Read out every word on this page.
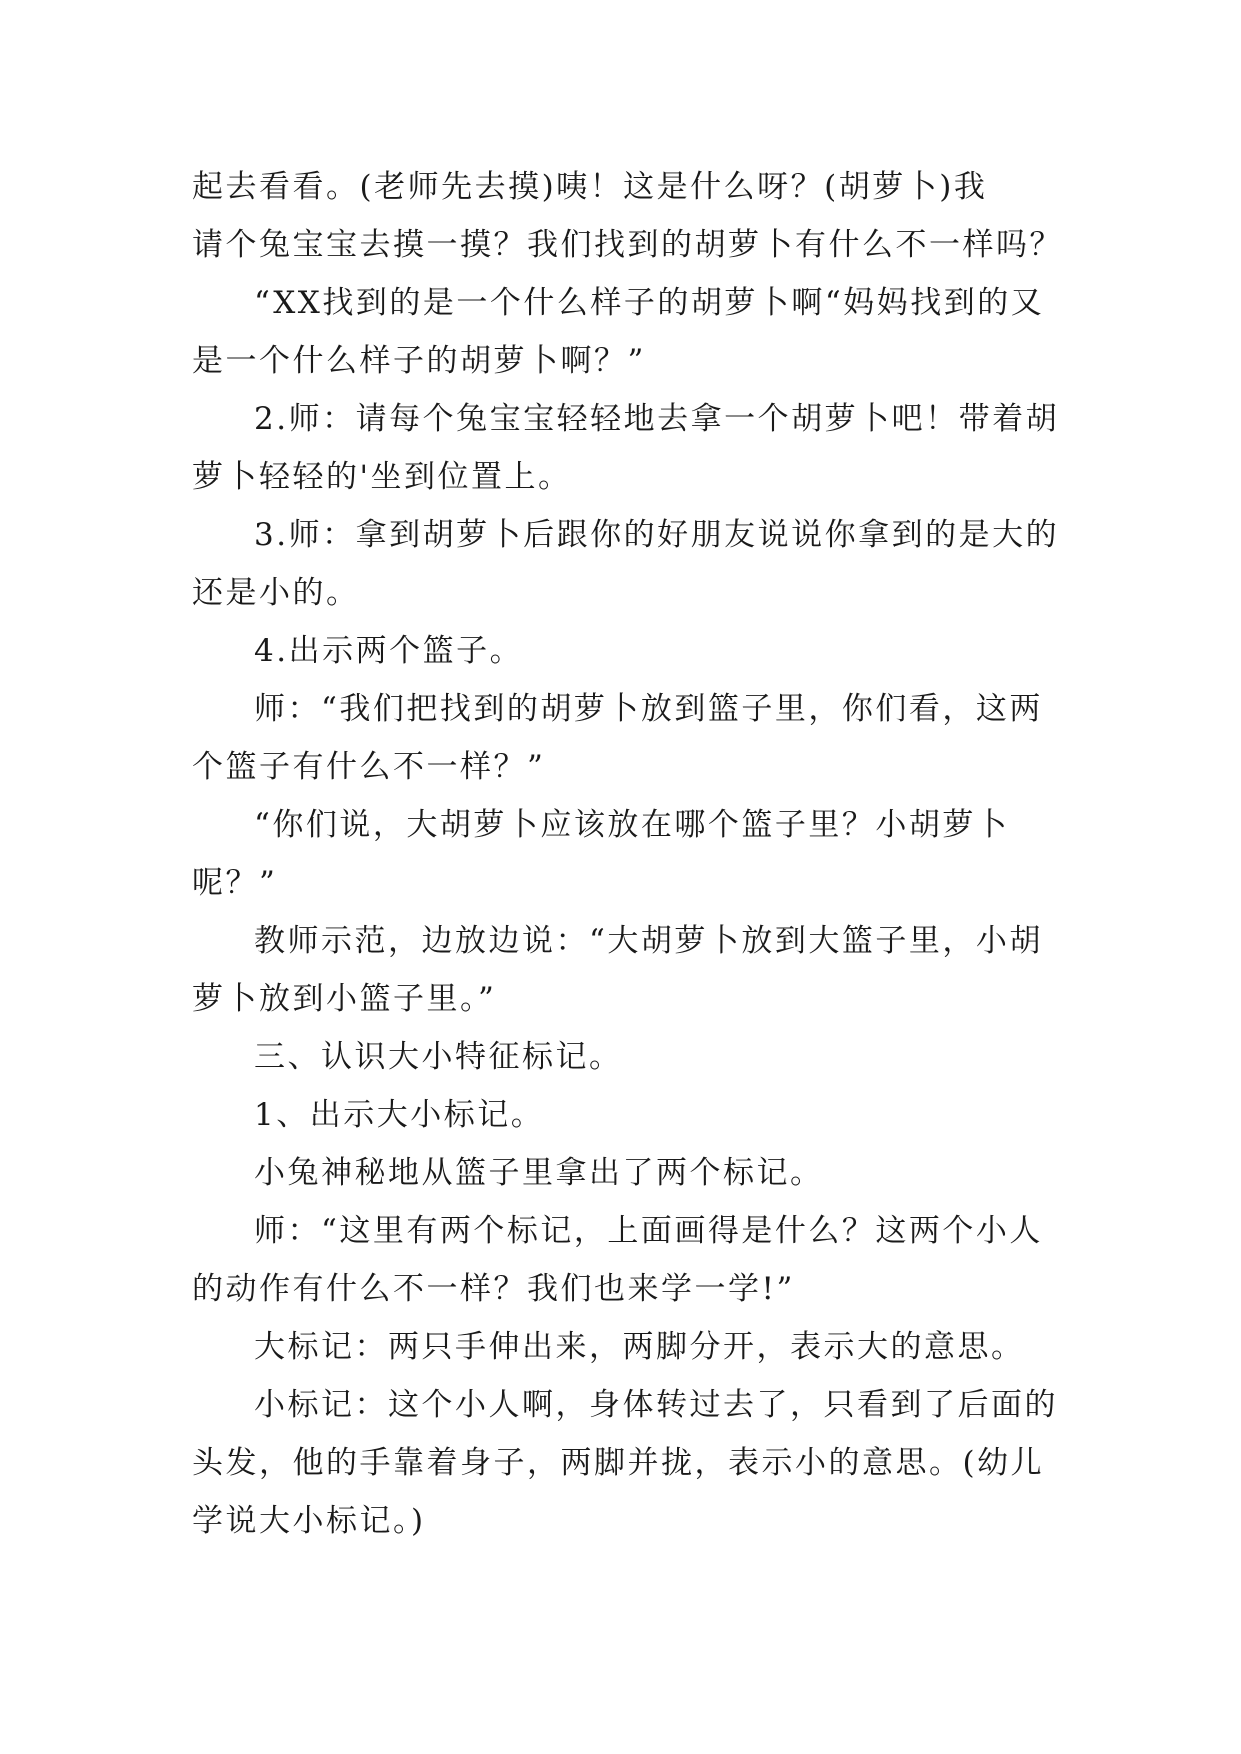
起去看看。(老师先去摸)咦！这是什么呀？(胡萝卜)我
请个兔宝宝去摸一摸？我们找到的胡萝卜有什么不一样吗？
“XX找到的是一个什么样子的胡萝卜啊“妈妈找到的又
是一个什么样子的胡萝卜啊？”
2.师：请每个兔宝宝轻轻地去拿一个胡萝卜吧！带着胡
萝卜轻轻的'坐到位置上。
3.师：拿到胡萝卜后跟你的好朋友说说你拿到的是大的
还是小的。
4.出示两个篮子。
师：“我们把找到的胡萝卜放到篮子里，你们看，这两
个篮子有什么不一样？”
“你们说，大胡萝卜应该放在哪个篮子里？小胡萝卜
呢？”
教师示范，边放边说：“大胡萝卜放到大篮子里，小胡
萝卜放到小篮子里。”
三、认识大小特征标记。
1、出示大小标记。
小兔神秘地从篮子里拿出了两个标记。
师：“这里有两个标记，上面画得是什么？这两个小人
的动作有什么不一样？我们也来学一学!”
大标记：两只手伸出来，两脚分开，表示大的意思。
小标记：这个小人啊，身体转过去了，只看到了后面的
头发，他的手靠着身子，两脚并拢，表示小的意思。(幼儿
学说大小标记。)
